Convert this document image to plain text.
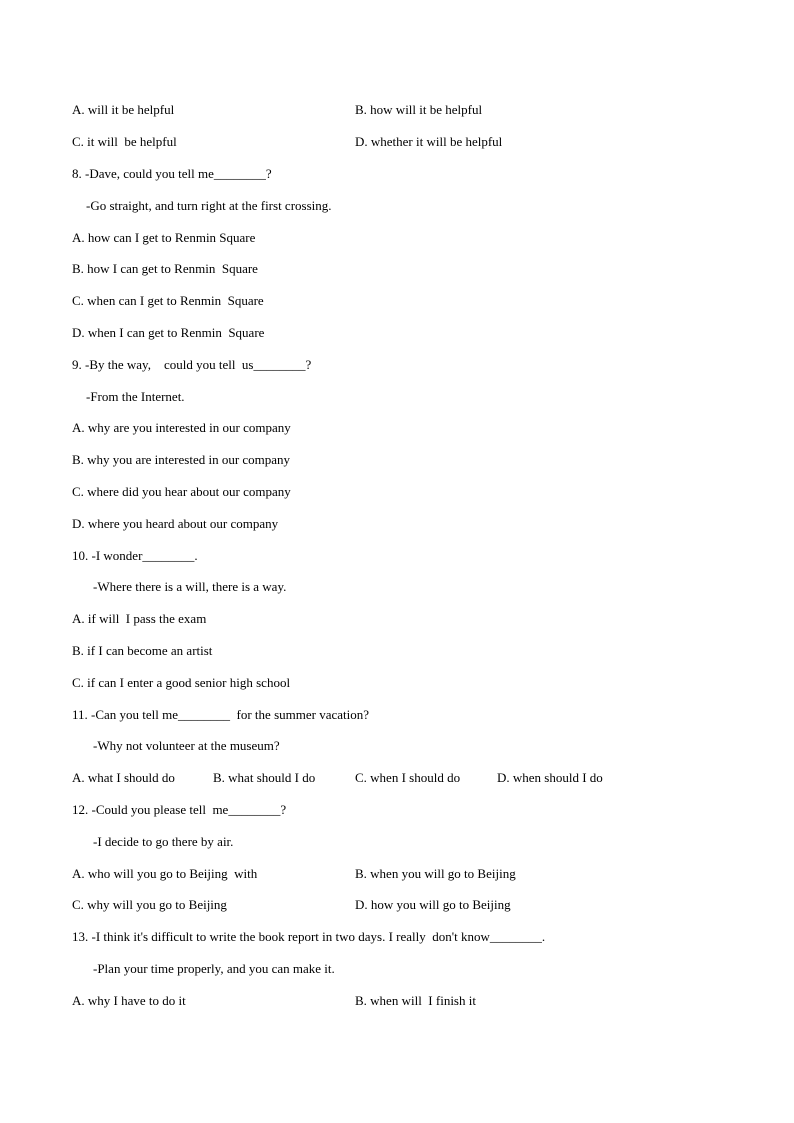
A. will it be helpful	B. how will it be helpful
C. it will  be helpful	D. whether it will be helpful
8. -Dave, could you tell me________?
-Go straight, and turn right at the first crossing.
A. how can I get to Renmin Square
B. how I can get to Renmin  Square
C. when can I get to Renmin  Square
D. when I can get to Renmin  Square
9. -By the way,    could you tell  us________?
-From the Internet.
A. why are you interested in our company
B. why you are interested in our company
C. where did you hear about our company
D. where you heard about our company
10. -I wonder________.
-Where there is a will, there is a way.
A. if will  I pass the exam
B. if I can become an artist
C. if can I enter a good senior high school
11. -Can you tell me________  for the summer vacation?
-Why not volunteer at the museum?
A. what I should do	B. what should I do	C. when I should do	D. when should I do
12. -Could you please tell  me________?
-I decide to go there by air.
A. who will you go to Beijing  with	B. when you will go to Beijing
C. why will you go to Beijing	D. how you will go to Beijing
13. -I think it's difficult to write the book report in two days. I really  don't know________.
-Plan your time properly, and you can make it.
A. why I have to do it	B. when will  I finish it
